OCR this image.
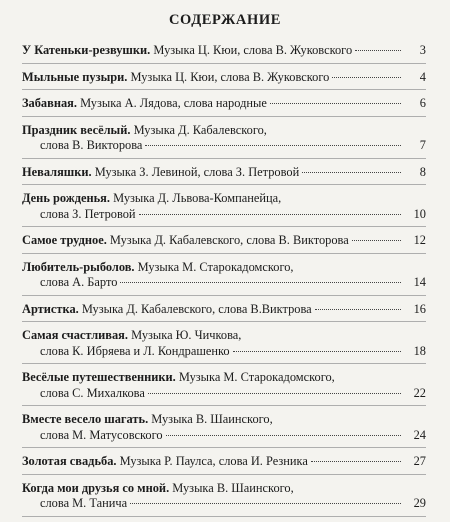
СОДЕРЖАНИЕ
У Катеньки-резвушки.
Музыка Ц. Кюи, слова В. Жуковского	3
Мыльные пузыри.
Музыка Ц. Кюи, слова В. Жуковского	4
Забавная.
Музыка А. Лядова, слова народные	6
Праздник весёлый.
Музыка Д. Кабалевского,
слова В. Викторова	7
Неваляшки.
Музыка З. Левиной, слова З. Петровой	8
День рожденья.
Музыка Д. Львова-Компанейца,
слова З. Петровой	10
Самое трудное.
Музыка Д. Кабалевского, слова В. Викторова	12
Любитель-рыболов.
Музыка М. Старокадомского,
слова А. Барто	14
Артистка.
Музыка Д. Кабалевского, слова В.Виктрова	16
Самая счастливая.
Музыка Ю. Чичкова,
слова К. Ибряева и Л. Кондрашенко	18
Весёлые путешественники.
Музыка М. Старокадомского,
слова С. Михалкова	22
Вместе весело шагать.
Музыка В. Шаинского,
слова М. Матусовского	24
Золотая свадьба.
Музыка Р. Паулса, слова И. Резника	27
Когда мои друзья со мной.
Музыка В. Шаинского,
слова М. Танича	29
